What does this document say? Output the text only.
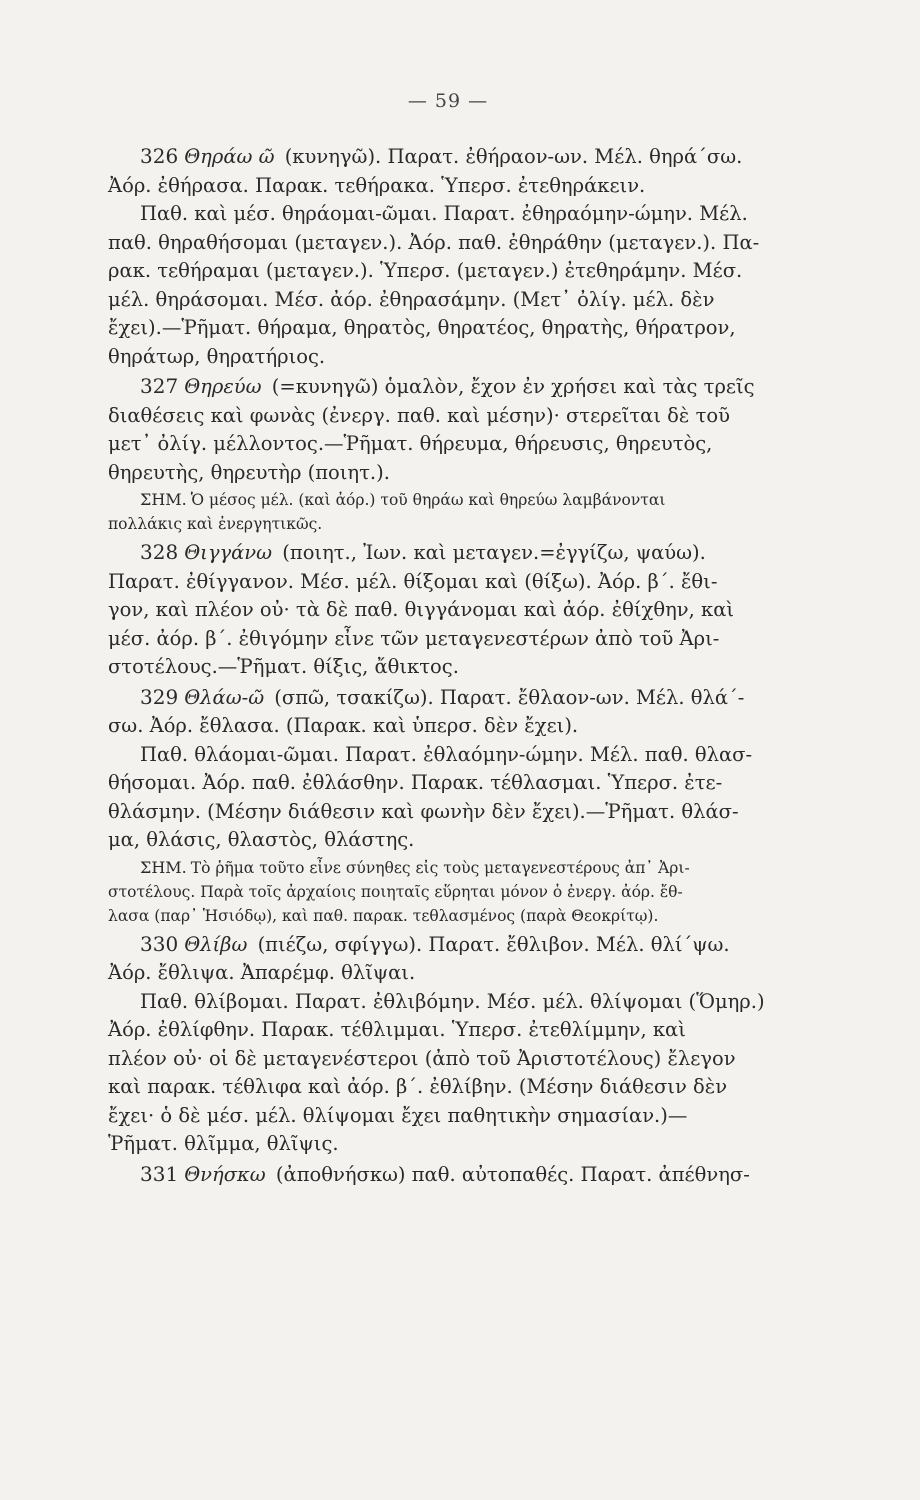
— 59 —
326 Θηράω ῶ (κυνηγῶ). Παρατ. ἐθήραον-ων. Μέλ. θηρά΄σω.
Ἀόρ. ἐθήρασα. Παρακ. τεθήρακα. Ὑπερσ. ἐτεθηράκειν.
Παθ. καὶ μέσ. θηράομαι-ῶμαι. Παρατ. ἐθηραόμην-ώμην. Μέλ.
παθ. θηραθήσομαι (μεταγεν.). Ἀόρ. παθ. ἐθηράθην (μεταγεν.). Πα-
ρακ. τεθήραμαι (μεταγεν.). Ὑπερσ. (μεταγεν.) ἐτεθηράμην. Μέσ.
μέλ. θηράσομαι. Μέσ. ἀόρ. ἐθηρασάμην. (Μετ᾽ ὀλίγ. μέλ. δὲν
ἔχει).—Ῥῆματ. θήραμα, θηρατὸς, θηρατέος, θηρατὴς, θήρατρον,
θηράτωρ, θηρατήριος.
327 Θηρεύω (=κυνηγῶ) ὁμαλὸν, ἔχον ἐν χρήσει καὶ τὰς τρεῖς
διαθέσεις καὶ φωνὰς (ἐνεργ. παθ. καὶ μέσην)· στερεῖται δὲ τοῦ
μετ᾽ ὀλίγ. μέλλοντος.—Ῥῆματ. θήρευμα, θήρευσις, θηρευτὸς,
θηρευτὴς, θηρευτὴρ (ποιητ.).
ΣΗΜ. Ὁ μέσος μέλ. (καὶ ἀόρ.) τοῦ θηράω καὶ θηρεύω λαμβάνονται
πολλάκις καὶ ἐνεργητικῶς.
328 Θιγγάνω (ποιητ., Ἰων. καὶ μεταγεν.=ἐγγίζω, ψαύω).
Παρατ. ἐθίγγανον. Μέσ. μέλ. θίξομαι καὶ (θίξω). Ἀόρ. β΄. ἔθι-
γον, καὶ πλέον οὐ· τὰ δὲ παθ. θιγγάνομαι καὶ ἀόρ. ἐθίχθην, καὶ
μέσ. ἀόρ. β΄. ἐθιγόμην εἶνε τῶν μεταγενεστέρων ἀπὸ τοῦ Ἀρι-
στοτέλους.—Ῥῆματ. θίξις, ἄθικτος.
329 Θλάω-ῶ (σπῶ, τσακίζω). Παρατ. ἔθλαον-ων. Μέλ. θλά΄-
σω. Ἀόρ. ἔθλασα. (Παρακ. καὶ ὑπερσ. δὲν ἔχει).
Παθ. θλάομαι-ῶμαι. Παρατ. ἐθλαόμην-ώμην. Μέλ. παθ. θλασ-
θήσομαι. Ἀόρ. παθ. ἐθλάσθην. Παρακ. τέθλασμαι. Ὑπερσ. ἐτε-
θλάσμην. (Μέσην διάθεσιν καὶ φωνὴν δὲν ἔχει).—Ῥῆματ. θλάσ-
μα, θλάσις, θλαστὸς, θλάστης.
ΣΗΜ. Τὸ ῥῆμα τοῦτο εἶνε σύνηθες εἰς τοὺς μεταγενεστέρους ἀπ᾽ Ἀρι-
στοτέλους. Παρὰ τοῖς ἀρχαίοις ποιηταῖς εὕρηται μόνον ὁ ἐνεργ. ἀόρ. ἔθ-
λασα (παρ᾽ Ἡσιόδῳ), καὶ παθ. παρακ. τεθλασμένος (παρὰ Θεοκρίτῳ).
330 Θλίβω (πιέζω, σφίγγω). Παρατ. ἔθλιβον. Μέλ. θλί΄ψω.
Ἀόρ. ἔθλιψα. Ἀπαρέμφ. θλῖψαι.
Παθ. θλίβομαι. Παρατ. ἐθλιβόμην. Μέσ. μέλ. θλίψομαι (Ὅμηρ.)
Ἀόρ. ἐθλίφθην. Παρακ. τέθλιμμαι. Ὑπερσ. ἐτεθλίμμην, καὶ
πλέον οὐ· οἱ δὲ μεταγενέστεροι (ἀπὸ τοῦ Ἀριστοτέλους) ἔλεγον
καὶ παρακ. τέθλιφα καὶ ἀόρ. β΄. ἐθλίβην. (Μέσην διάθεσιν δὲν
ἔχει· ὁ δὲ μέσ. μέλ. θλίψομαι ἔχει παθητικὴν σημασίαν.)—
Ῥῆματ. θλῖμμα, θλῖψις.
331 Θνήσκω (ἀποθνήσκω) παθ. αὐτοπαθές. Παρατ. ἀπέθνησ-
